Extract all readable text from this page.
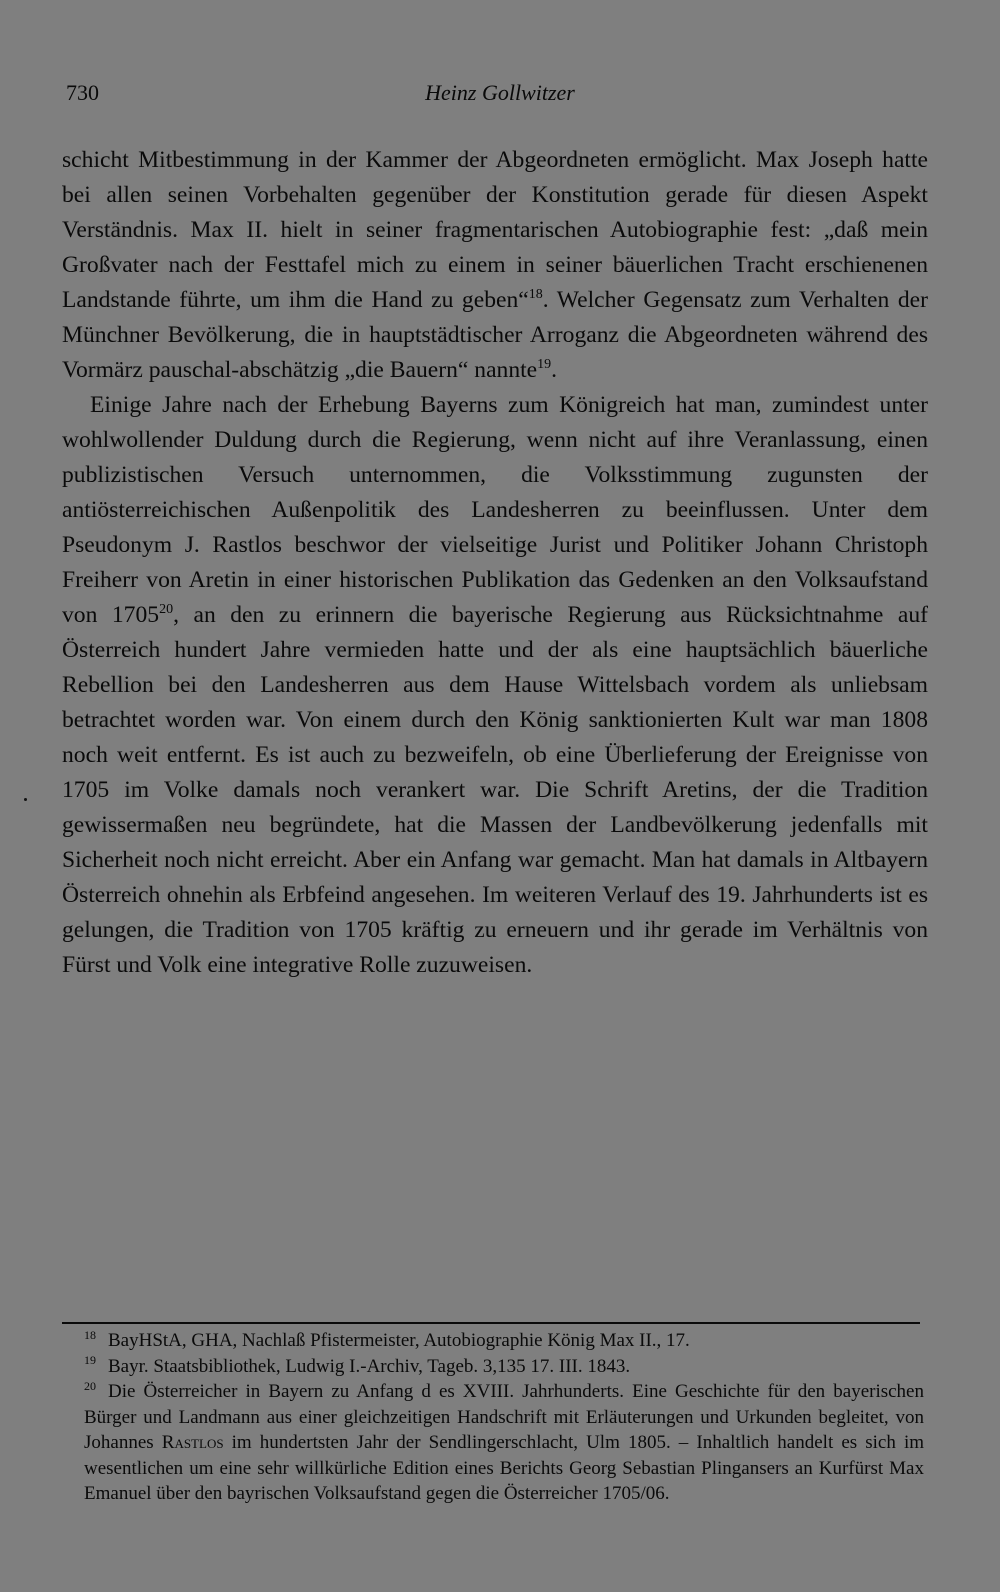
730	Heinz Gollwitzer

schicht Mitbestimmung in der Kammer der Abgeordneten ermöglicht. Max Joseph hatte bei allen seinen Vorbehalten gegenüber der Konstitution gerade für diesen Aspekt Verständnis. Max II. hielt in seiner fragmentarischen Autobiographie fest: „daß mein Großvater nach der Festtafel mich zu einem in seiner bäuerlichen Tracht erschienenen Landstande führte, um ihm die Hand zu geben“$^{18}$. Welcher Gegensatz zum Verhalten der Münchner Bevölkerung, die in hauptstädtischer Arroganz die Abgeordneten während des Vormärz pauschal-abschätzig „die Bauern“ nannte$^{19}$.

Einige Jahre nach der Erhebung Bayerns zum Königreich hat man, zumindest unter wohlwollender Duldung durch die Regierung, wenn nicht auf ihre Veranlassung, einen publizistischen Versuch unternommen, die Volksstimmung zugunsten der antiösterreichischen Außenpolitik des Landesherren zu beeinflussen. Unter dem Pseudonym J. Rastlos beschwor der vielseitige Jurist und Politiker Johann Christoph Freiherr von Aretin in einer historischen Publikation das Gedenken an den Volksaufstand von 1705$^{20}$, an den zu erinnern die bayerische Regierung aus Rücksichtnahme auf Österreich hundert Jahre vermieden hatte und der als eine hauptsächlich bäuerliche Rebellion bei den Landesherren aus dem Hause Wittelsbach vordem als unliebsam betrachtet worden war. Von einem durch den König sanktionierten Kult war man 1808 noch weit entfernt. Es ist auch zu bezweifeln, ob eine Überlieferung der Ereignisse von 1705 im Volke damals noch verankert war. Die Schrift Aretins, der die Tradition gewissermaßen neu begründete, hat die Massen der Landbevölkerung jedenfalls mit Sicherheit noch nicht erreicht. Aber ein Anfang war gemacht. Man hat damals in Altbayern Österreich ohnehin als Erbfeind angesehen. Im weiteren Verlauf des 19. Jahrhunderts ist es gelungen, die Tradition von 1705 kräftig zu erneuern und ihr gerade im Verhältnis von Fürst und Volk eine integrative Rolle zuzuweisen.

$^{18}$ BayHStA, GHA, Nachlaß Pfistermeister, Autobiographie König Max II., 17.

$^{19}$ Bayr. Staatsbibliothek, Ludwig I.-Archiv, Tageb. 3,135 17. III. 1843.

$^{20}$ Die Österreicher in Bayern zu Anfang d es XVIII. Jahrhunderts. Eine Geschichte für den bayerischen Bürger und Landmann aus einer gleichzeitigen Handschrift mit Erläuterungen und Urkunden begleitet, von Johannes Rastlos im hundertsten Jahr der Sendlingerschlacht, Ulm 1805. – Inhaltlich handelt es sich im wesentlichen um eine sehr willkürliche Edition eines Berichts Georg Sebastian Plingansers an Kurfürst Max Emanuel über den bayrischen Volksaufstand gegen die Österreicher 1705/06.
